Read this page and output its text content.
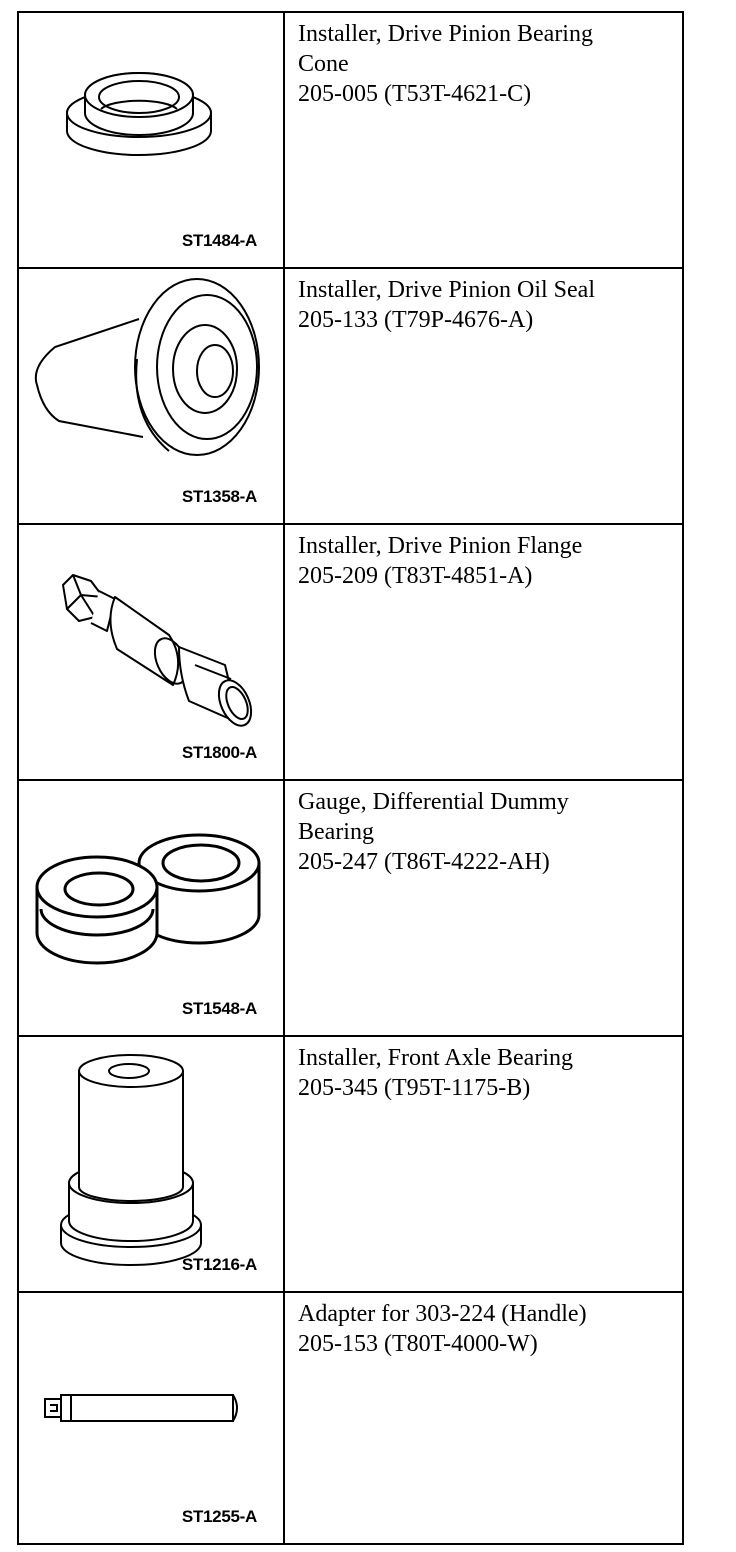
ST1484-A
Installer, Drive Pinion Bearing
Cone
205-005 (T53T-4621-C)
ST1358-A
Installer, Drive Pinion Oil Seal
205-133 (T79P-4676-A)
ST1800-A
Installer, Drive Pinion Flange
205-209 (T83T-4851-A)
ST1548-A
Gauge, Differential Dummy
Bearing
205-247 (T86T-4222-AH)
ST1216-A
Installer, Front Axle Bearing
205-345 (T95T-1175-B)
ST1255-A
Adapter for 303-224 (Handle)
205-153 (T80T-4000-W)
